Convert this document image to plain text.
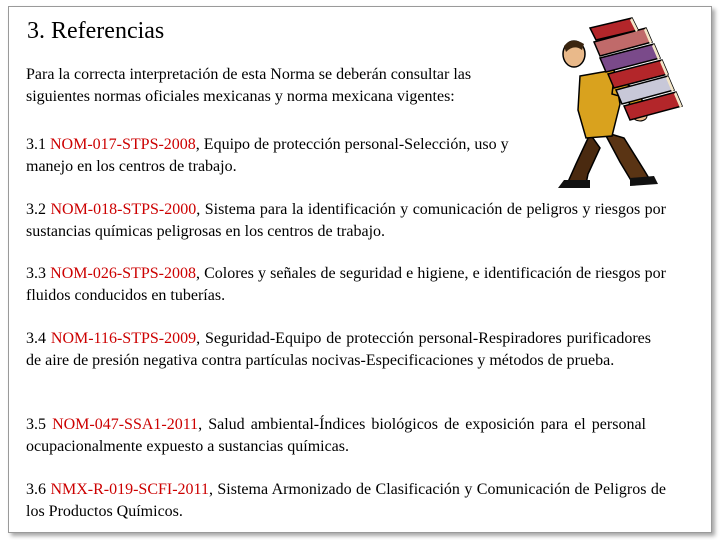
3. Referencias

Para la correcta interpretación de esta Norma se deberán consultar las siguientes normas oficiales mexicanas y norma mexicana vigentes:

3.1 NOM-017-STPS-2008, Equipo de protección personal-Selección, uso y manejo en los centros de trabajo.

3.2 NOM-018-STPS-2000, Sistema para la identificación y comunicación de peligros y riesgos por sustancias químicas peligrosas en los centros de trabajo.

3.3 NOM-026-STPS-2008, Colores y señales de seguridad e higiene, e identificación de riesgos por fluidos conducidos en tuberías.

3.4 NOM-116-STPS-2009, Seguridad-Equipo de protección personal-Respiradores purificadores de aire de presión negativa contra partículas nocivas-Especificaciones y métodos de prueba.

3.5 NOM-047-SSA1-2011, Salud ambiental-Índices biológicos de exposición para el personal ocupacionalmente expuesto a sustancias químicas.

3.6 NMX-R-019-SCFI-2011, Sistema Armonizado de Clasificación y Comunicación de Peligros de los Productos Químicos.
